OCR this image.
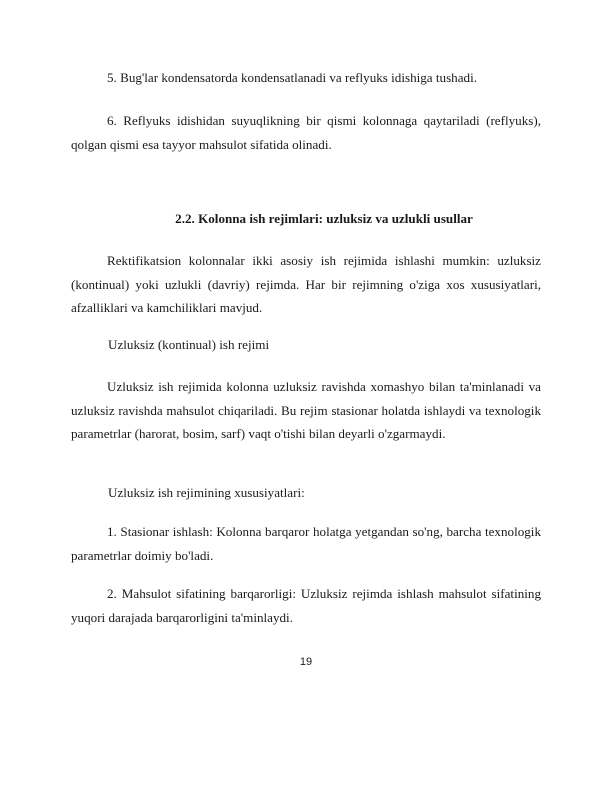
5. Bug'lar kondensatorda kondensatlanadi va reflyuks idishiga tushadi.

6. Reflyuks idishidan suyuqlikning bir qismi kolonnaga qaytariladi (reflyuks), qolgan qismi esa tayyor mahsulot sifatida olinadi.

2.2. Kolonna ish rejimlari: uzluksiz va uzlukli usullar

Rektifikatsion kolonnalar ikki asosiy ish rejimida ishlashi mumkin: uzluksiz (kontinual) yoki uzlukli (davriy) rejimda. Har bir rejimning o'ziga xos xususiyatlari, afzalliklari va kamchiliklari mavjud.

Uzluksiz (kontinual) ish rejimi

Uzluksiz ish rejimida kolonna uzluksiz ravishda xomashyo bilan ta'minlanadi va uzluksiz ravishda mahsulot chiqariladi. Bu rejim stasionar holatda ishlaydi va texnologik parametrlar (harorat, bosim, sarf) vaqt o'tishi bilan deyarli o'zgarmaydi.

Uzluksiz ish rejimining xususiyatlari:

1. Stasionar ishlash: Kolonna barqaror holatga yetgandan so'ng, barcha texnologik parametrlar doimiy bo'ladi.

2. Mahsulot sifatining barqarorligi: Uzluksiz rejimda ishlash mahsulot sifatining yuqori darajada barqarorligini ta'minlaydi.

19
